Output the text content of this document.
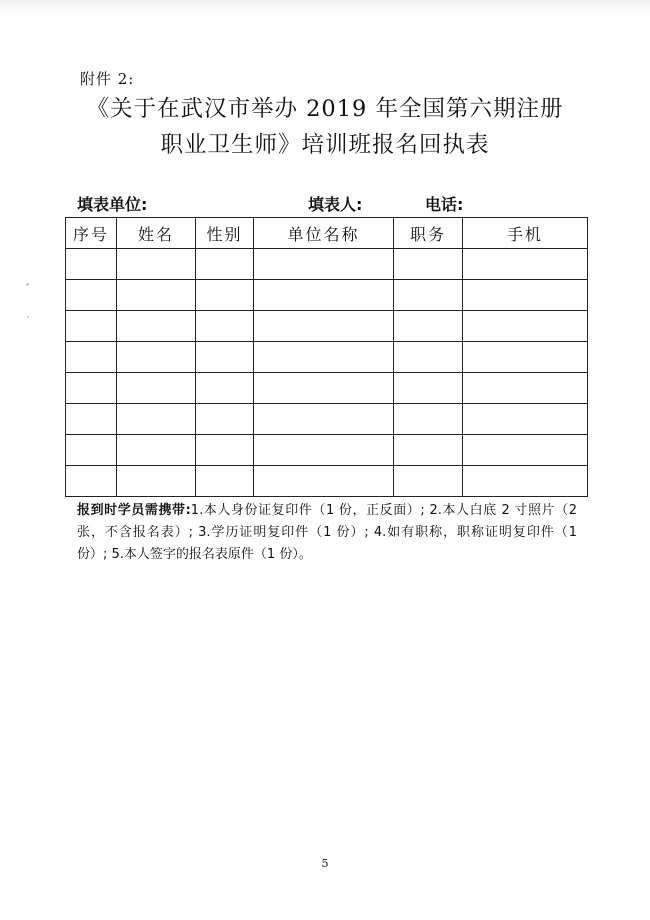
附件 2:
《关于在武汉市举办 2019 年全国第六期注册
职业卫生师》培训班报名回执表
填表单位:	填表人:	电话:
序号	姓名	性别	单位名称	职务	手机

报到时学员需携带:1.本人身份证复印件（1 份，正反面）; 2.本人白底 2 寸照片（2 张，不含报名表）; 3.学历证明复印件（1 份）; 4.如有职称，职称证明复印件（1 份）; 5.本人签字的报名表原件（1 份）。
5
